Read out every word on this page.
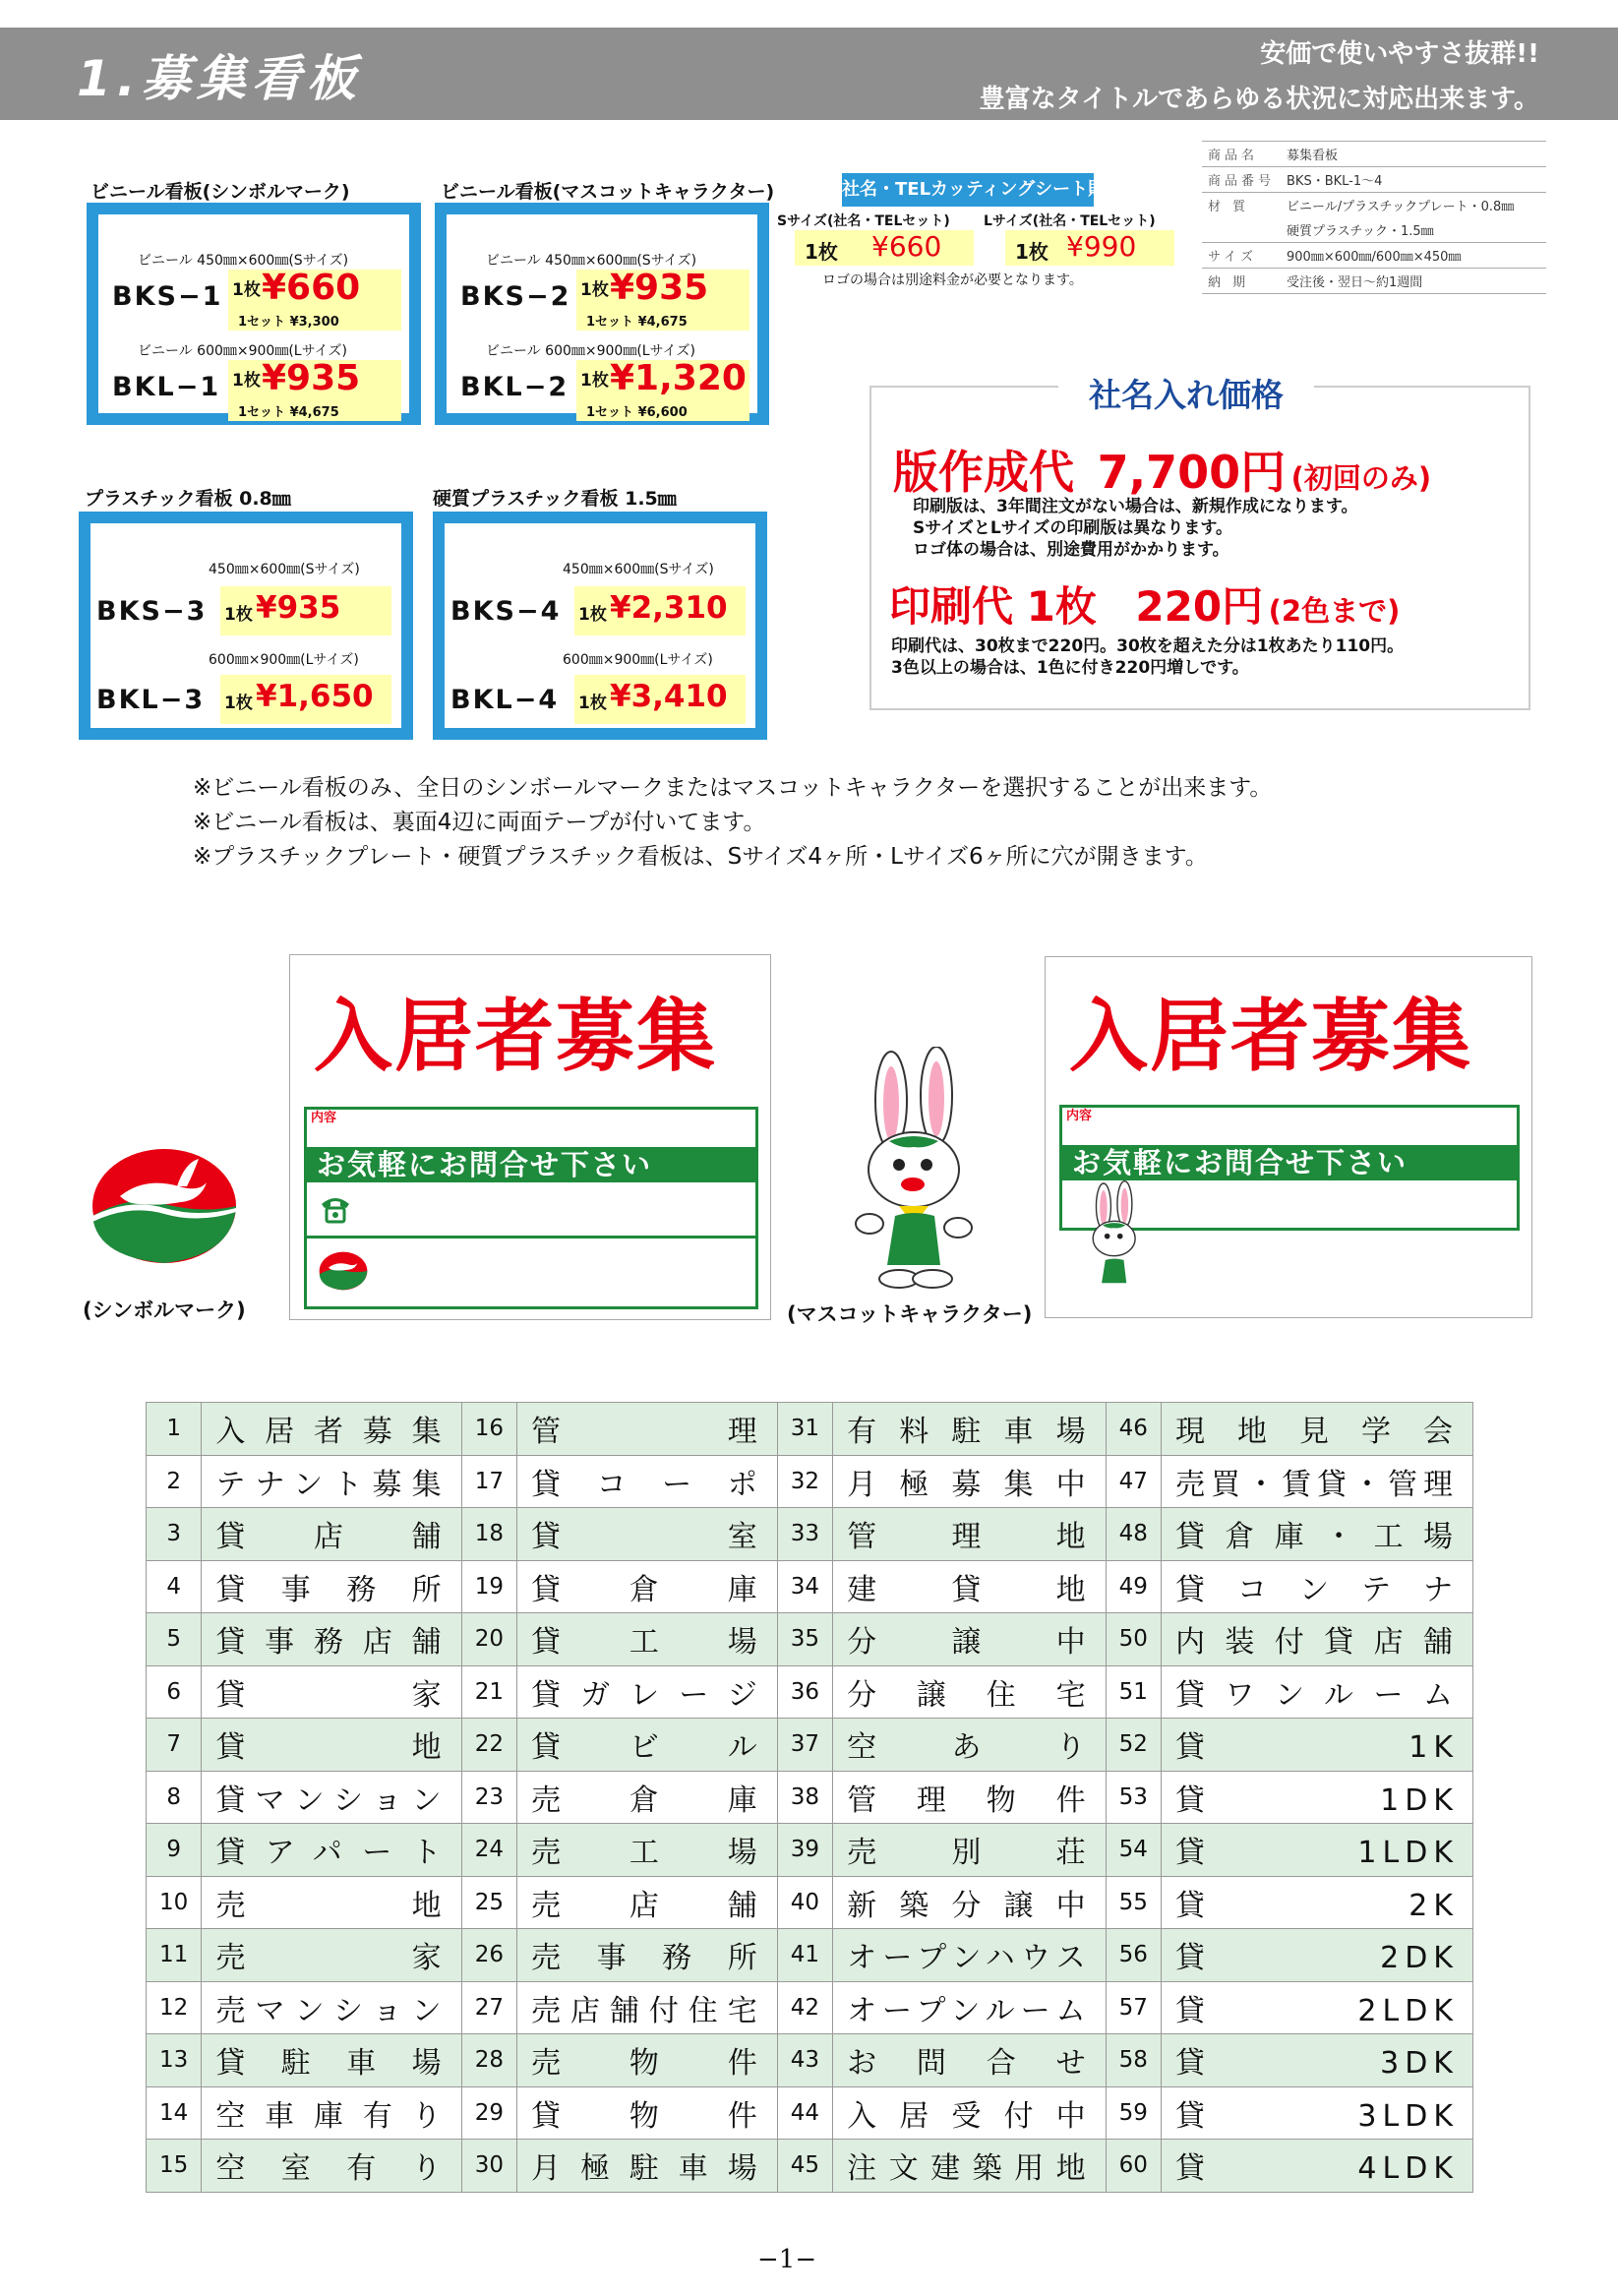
1.募集看板	安価で使いやすさ抜群!!
豊富なタイトルであらゆる状況に対応出来ます。
ビニール看板(シンボルマーク)
セット売り(5枚1セット)
ビニール 450㎜×600㎜(Sサイズ)
BKS−1 1枚 ¥660
1セット ¥3,300
ビニール 600㎜×900㎜(Lサイズ)
BKL−1 1枚 ¥935
1セット ¥4,675
ビニール看板(マスコットキャラクター)
セット売り(5枚1セット)
ビニール 450㎜×600㎜(Sサイズ)
BKS−2 1枚 ¥935
1セット ¥4,675
ビニール 600㎜×900㎜(Lサイズ)
BKL−2 1枚 ¥1,320
1セット ¥6,600
社名・TELカッティングシート貼り
Sサイズ(社名・TELセット) Lサイズ(社名・TELセット)
1枚 ¥660	1枚 ¥990
ロゴの場合は別途料金が必要となります。
商品名	募集看板
商品番号	BKS・BKL-1〜4
材 質	ビニール/プラスチックプレート・0.8㎜
	硬質プラスチック・1.5㎜
サイズ	900㎜×600㎜/600㎜×450㎜
納 期	受注後・翌日〜約1週間
社名入れ価格
版作成代 7,700円 (初回のみ)
印刷版は、3年間注文がない場合は、新規作成になります。
SサイズとLサイズの印刷版は異なります。
ロゴ体の場合は、別途費用がかかります。
印刷代 1枚 220円 (2色まで)
印刷代は、30枚まで220円。30枚を超えた分は1枚あたり110円。
3色以上の場合は、1色に付き220円増しです。
プラスチック看板 0.8㎜
1枚売り
450㎜×600㎜(Sサイズ)
BKS−3 1枚 ¥935
600㎜×900㎜(Lサイズ)
BKL−3 1枚 ¥1,650
硬質プラスチック看板 1.5㎜
1枚売り
450㎜×600㎜(Sサイズ)
BKS−4 1枚 ¥2,310
600㎜×900㎜(Lサイズ)
BKL−4 1枚 ¥3,410
※ビニール看板のみ、全日のシンボールマークまたはマスコットキャラクターを選択することが出来ます。
※ビニール看板は、裏面4辺に両面テープが付いてます。
※プラスチックプレート・硬質プラスチック看板は、Sサイズ4ヶ所・Lサイズ6ヶ所に穴が開きます。
(シンボルマーク)
入居者募集
内容
お気軽にお問合せ下さい
(マスコットキャラクター)
入居者募集
内容
お気軽にお問合せ下さい
1	入居者募集	16	管理	31	有料駐車場	46	現地見学会
2	テナント募集	17	貸コーポ	32	月極募集中	47	売買・賃貸・管理
3	貸店舗	18	貸室	33	管理地	48	貸倉庫・工場
4	貸事務所	19	貸倉庫	34	建貸地	49	貸コンテナ
5	貸事務店舗	20	貸工場	35	分譲中	50	内装付貸店舗
6	貸家	21	貸ガレージ	36	分譲住宅	51	貸ワンルーム
7	貸地	22	貸ビル	37	空あり	52	貸1K
8	貸マンション	23	売倉庫	38	管理物件	53	貸1DK
9	貸アパート	24	売工場	39	売別荘	54	貸1LDK
10	売地	25	売店舗	40	新築分譲中	55	貸2K
11	売家	26	売事務所	41	オープンハウス	56	貸2DK
12	売マンション	27	売店舗付住宅	42	オープンルーム	57	貸2LDK
13	貸駐車場	28	売物件	43	お問合せ	58	貸3DK
14	空車庫有り	29	貸物件	44	入居受付中	59	貸3LDK
15	空室有り	30	月極駐車場	45	注文建築用地	60	貸4LDK
−1−
